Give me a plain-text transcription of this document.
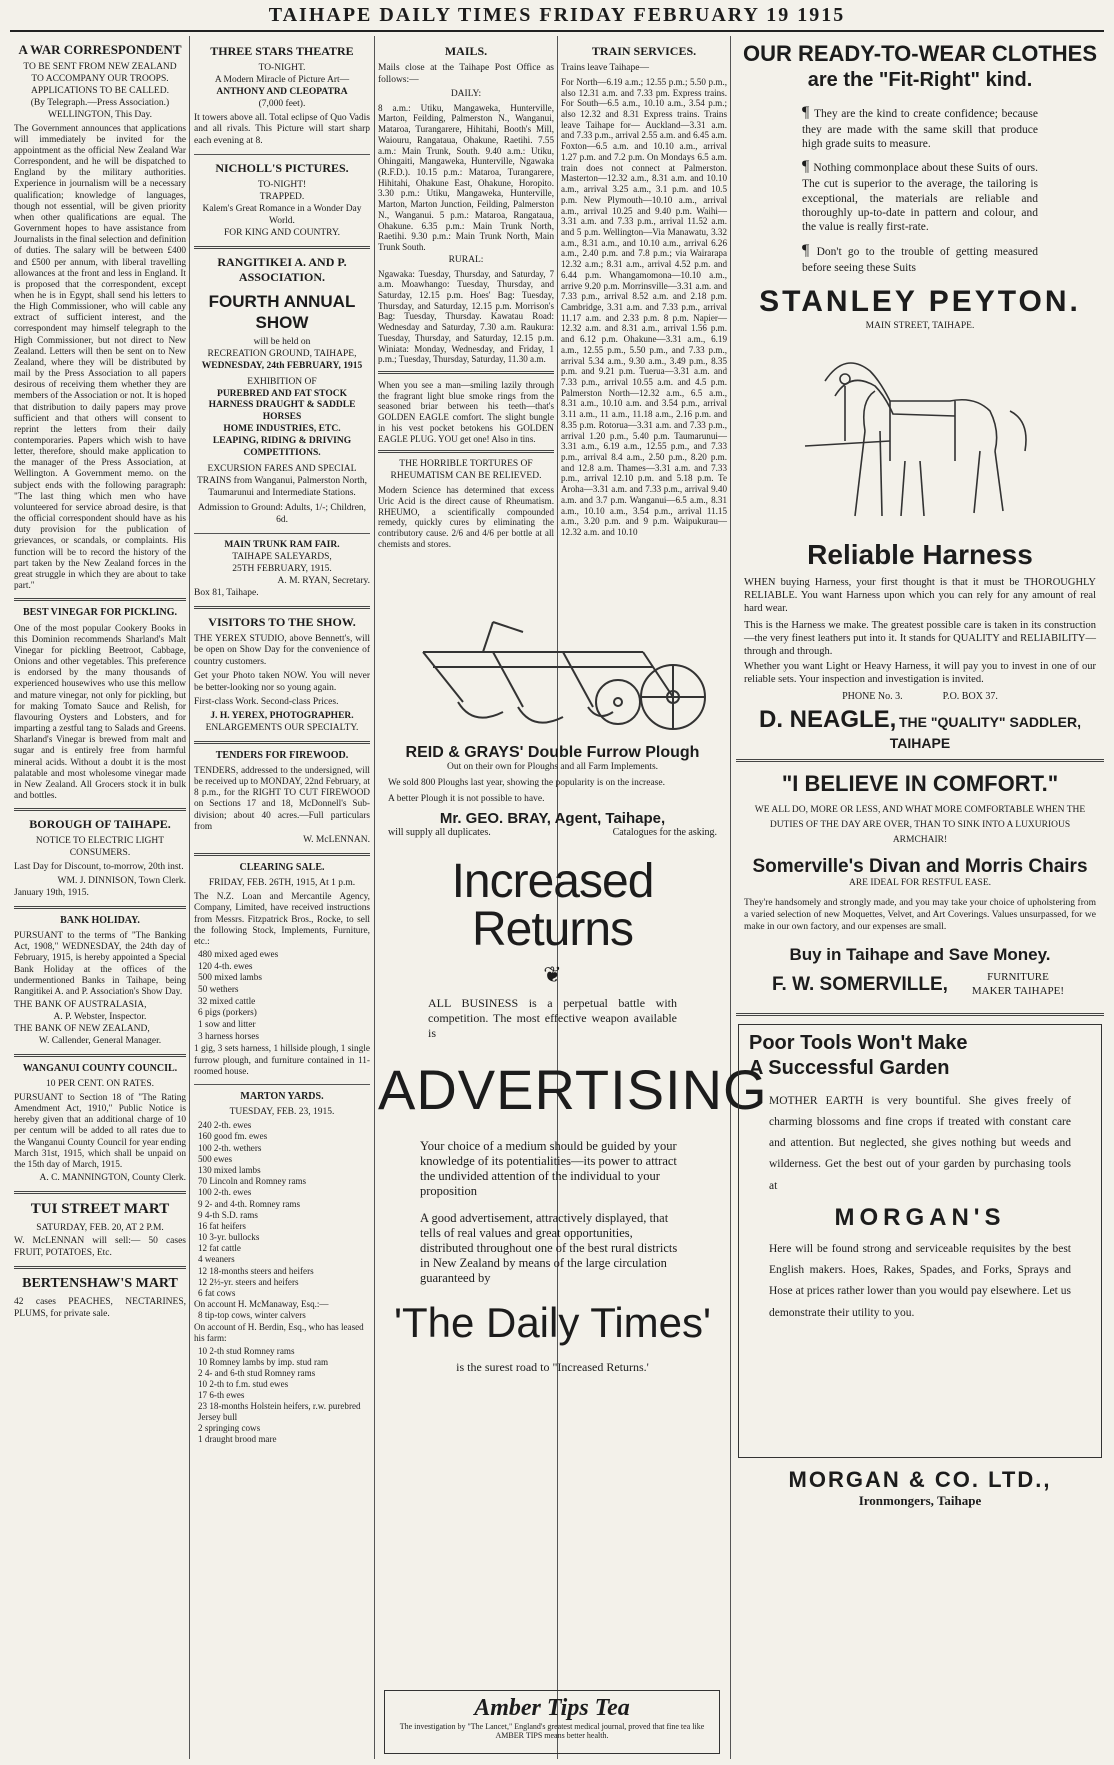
TAIHAPE DAILY TIMES FRIDAY FEBRUARY 19 1915
A WAR CORRESPONDENT
TO BE SENT FROM NEW ZEALAND
TO ACCOMPANY OUR TROOPS.
APPLICATIONS TO BE CALLED.
(By Telegraph.—Press Association.) WELLINGTON, This Day.

The Government announces that applications will immediately be invited for the appointment as the official New Zealand War Correspondent, and he will be dispatched to England by the military authorities. Experience in journalism will be a necessary qualification; knowledge of languages, though not essential, will be given priority when other qualifications are equal. The Government hopes to have assistance from Journalists in the final selection and definition of duties. The salary will be between £400 and £500 per annum, with liberal travelling allowances at the front and less in England. It is proposed that the correspondent, except when he is in Egypt, shall send his letters to the High Commissioner, who will cable any extract of sufficient interest, and the correspondent may himself telegraph to the High Commissioner, but not direct to New Zealand. Letters will then be sent on to New Zealand, where they will be distributed by mail by the Press Association to all papers desirous of receiving them whether they are members of the Association or not. It is hoped that distribution to daily papers may prove sufficient and that others will consent to reprint the letters from their daily contemporaries. Papers which wish to have letter, therefore, should make application to the manager of the Press Association, at Wellington. A Government memo. on the subject ends with the following paragraph: "The last thing which men who have volunteered for service abroad desire, is that the official correspondent should have as his duty provision for the publication of grievances, or scandals, or complaints. His function will be to record the history of the part taken by the New Zealand forces in the great struggle in which they are about to take part."

BEST VINEGAR FOR PICKLING.

One of the most popular Cookery Books in this Dominion recommends Sharland's Malt Vinegar for pickling Beetroot, Cabbage, Onions and other vegetables. This preference is endorsed by the many thousands of experienced housewives who use this mellow and mature vinegar, not only for pickling, but for making Tomato Sauce and Relish, for flavouring Oysters and Lobsters, and for imparting a zestful tang to Salads and Greens. Sharland's Vinegar is brewed from malt and sugar and is entirely free from harmful mineral acids. Without a doubt it is the most palatable and most wholesome vinegar made in New Zealand. All Grocers stock it in bulk and bottles.

BOROUGH OF TAIHAPE.
NOTICE TO ELECTRIC LIGHT CONSUMERS.

Last Day for Discount, to-morrow, 20th inst.

WM. J. DINNISON, Town Clerk.
January 19th, 1915.
BANK HOLIDAY.

PURSUANT to the terms of "The Banking Act, 1908," WEDNESDAY, the 24th day of February, 1915, is hereby appointed a Special Bank Holiday at the offices of the undermentioned Banks in Taihape, being Rangitikei A. and P. Association's Show Day.

THE BANK OF AUSTRALASIA,
A. P. Webster, Inspector.
THE BANK OF NEW ZEALAND,
W. Callender, General Manager.
WANGANUI COUNTY COUNCIL.
10 PER CENT. ON RATES.

PURSUANT to Section 18 of "The Rating Amendment Act, 1910," Public Notice is hereby given that an additional charge of 10 per centum will be added to all rates due to the Wanganui County Council for year ending March 31st, 1915, which shall be unpaid on the 15th day of March, 1915.

A. C. MANNINGTON, County Clerk.
TUI STREET MART
SATURDAY, FEB. 20, AT 2 P.M.

W. McLENNAN will sell:— 50 cases FRUIT, POTATOES, Etc.

BERTENSHAW'S MART

42 cases PEACHES, NECTARINES, PLUMS, for private sale.

THREE STARS THEATRE
TO-NIGHT.
A Modern Miracle of Picture Art—
ANTHONY AND CLEOPATRA
(7,000 feet).

It towers above all. Total eclipse of Quo Vadis and all rivals. This Picture will start sharp each evening at 8.

NICHOLL'S PICTURES.
TO-NIGHT!
TRAPPED.
Kalem's Great Romance in a Wonder Day World.
FOR KING AND COUNTRY.
RANGITIKEI A. AND P. ASSOCIATION.
FOURTH ANNUAL SHOW
will be held on
RECREATION GROUND, TAIHAPE,
WEDNESDAY, 24th FEBRUARY, 1915
EXHIBITION OF
PUREBRED AND FAT STOCK
HARNESS DRAUGHT & SADDLE HORSES
HOME INDUSTRIES, ETC.
LEAPING, RIDING & DRIVING COMPETITIONS.
EXCURSION FARES AND SPECIAL TRAINS from Wanganui, Palmerston North, Taumarunui and Intermediate Stations.
Admission to Ground: Adults, 1/-; Children, 6d.
MAIN TRUNK RAM FAIR.
TAIHAPE SALEYARDS,
25TH FEBRUARY, 1915.
A. M. RYAN, Secretary.
Box 81, Taihape.
VISITORS TO THE SHOW.

THE YEREX STUDIO, above Bennett's, will be open on Show Day for the convenience of country customers.

Get your Photo taken NOW. You will never be better-looking nor so young again.

First-class Work. Second-class Prices.

J. H. YEREX, PHOTOGRAPHER.
ENLARGEMENTS OUR SPECIALTY.
TENDERS FOR FIREWOOD.

TENDERS, addressed to the undersigned, will be received up to MONDAY, 22nd February, at 8 p.m., for the RIGHT TO CUT FIREWOOD on Sections 17 and 18, McDonnell's Sub-division; about 40 acres.—Full particulars from

W. McLENNAN.
CLEARING SALE.
FRIDAY, FEB. 26TH, 1915, At 1 p.m.

The N.Z. Loan and Mercantile Agency, Company, Limited, have received instructions from Messrs. Fitzpatrick Bros., Rocke, to sell the following Stock, Implements, Furniture, etc.:

480 mixed aged ewes
120 4-th. ewes
500 mixed lambs
50 wethers
32 mixed cattle
6 pigs (porkers)
1 sow and litter
3 harness horses

1 gig, 3 sets harness, 1 hillside plough, 1 single furrow plough, and furniture contained in 11-roomed house.

MARTON YARDS.
TUESDAY, FEB. 23, 1915.
240 2-th. ewes
160 good fm. ewes
100 2-th. wethers
500 ewes
130 mixed lambs
70 Lincoln and Romney rams
100 2-th. ewes
9 2- and 4-th. Romney rams
9 4-th S.D. rams
16 fat heifers
10 3-yr. bullocks
12 fat cattle
4 weaners
12 18-months steers and heifers
12 2½-yr. steers and heifers
6 fat cows
On account H. McManaway, Esq.:—
8 tip-top cows, winter calvers
On account of H. Berdin, Esq., who has leased his farm:
10 2-th stud Romney rams
10 Romney lambs by imp. stud ram
2 4- and 6-th stud Romney rams
10 2-th to f.m. stud ewes
17 6-th ewes
23 18-months Holstein heifers, r.w. purebred Jersey bull
2 springing cows
1 draught brood mare
MAILS.

Mails close at the Taihape Post Office as follows:—

DAILY:

8 a.m.: Utiku, Mangaweka, Hunterville, Marton, Feilding, Palmerston N., Wanganui, Mataroa, Turangarere, Hihitahi, Booth's Mill, Waiouru, Rangataua, Ohakune, Raetihi. 7.55 a.m.: Main Trunk, South. 9.40 a.m.: Utiku, Ohingaiti, Mangaweka, Hunterville, Ngawaka (R.F.D.). 10.15 p.m.: Mataroa, Turangarere, Hihitahi, Ohakune East, Ohakune, Horopito. 3.30 p.m.: Utiku, Mangaweka, Hunterville, Marton, Marton Junction, Feilding, Palmerston N., Wanganui. 5 p.m.: Mataroa, Rangataua, Ohakune. 6.35 p.m.: Main Trunk North, Raetihi. 9.30 p.m.: Main Trunk North, Main Trunk South.

RURAL:

Ngawaka: Tuesday, Thursday, and Saturday, 7 a.m. Moawhango: Tuesday, Thursday, and Saturday, 12.15 p.m. Hoes' Bag: Tuesday, Thursday, and Saturday, 12.15 p.m. Morrison's Bag: Tuesday, Thursday. Kawatau Road: Wednesday and Saturday, 7.30 a.m. Raukura: Tuesday, Thursday, and Saturday, 12.15 p.m. Winiata: Monday, Wednesday, and Friday, 1 p.m.; Tuesday, Thursday, Saturday, 11.30 a.m.

When you see a man—smiling lazily through the fragrant light blue smoke rings from the seasoned briar between his teeth—that's GOLDEN EAGLE comfort. The slight bungle in his vest pocket betokens his GOLDEN EAGLE PLUG. YOU get one! Also in tins.

THE HORRIBLE TORTURES OF RHEUMATISM CAN BE RELIEVED.

Modern Science has determined that excess Uric Acid is the direct cause of Rheumatism. RHEUMO, a scientifically compounded remedy, quickly cures by eliminating the contributory cause. 2/6 and 4/6 per bottle at all chemists and stores.

TRAIN SERVICES.
Trains leave Taihape—

For North—6.19 a.m.; 12.55 p.m.; 5.50 p.m., also 12.31 a.m. and 7.33 pm. Express trains. For South—6.5 a.m., 10.10 a.m., 3.54 p.m.; also 12.32 and 8.31 Express trains. Trains leave Taihape for— Auckland—3.31 a.m. and 7.33 p.m., arrival 2.55 a.m. and 6.45 a.m. Foxton—6.5 a.m. and 10.10 a.m., arrival 1.27 p.m. and 7.2 p.m. On Mondays 6.5 a.m. train does not connect at Palmerston. Masterton—12.32 a.m., 8.31 a.m. and 10.10 a.m., arrival 3.25 a.m., 3.1 p.m. and 10.5 p.m. New Plymouth—10.10 a.m., arrival a.m., arrival 10.25 and 9.40 p.m. Waihi—3.31 a.m. and 7.33 p.m., arrival 11.52 a.m. and 5 p.m. Wellington—Via Manawatu, 3.32 a.m., 8.31 a.m., and 10.10 a.m., arrival 6.26 a.m., 2.40 p.m. and 7.8 p.m.; via Wairarapa 12.32 a.m.; 8.31 a.m., arrival 4.52 p.m. and 6.44 p.m. Whangamomona—10.10 a.m., arrive 9.20 p.m. Morrinsville—3.31 a.m. and 7.33 p.m., arrival 8.52 a.m. and 2.18 p.m. Cambridge, 3.31 a.m. and 7.33 p.m., arrival 11.17 a.m. and 2.33 p.m. 8 p.m. Napier—12.32 a.m. and 8.31 a.m., arrival 1.56 p.m. and 6.12 p.m. Ohakune—3.31 a.m., 6.19 a.m., 12.55 p.m., 5.50 p.m., and 7.33 p.m., arrival 5.34 a.m., 9.30 a.m., 3.49 p.m., 8.35 p.m. and 9.21 p.m. Tuerua—3.31 a.m. and 7.33 p.m., arrival 10.55 a.m. and 4.5 p.m. Palmerston North—12.32 a.m., 6.5 a.m., 8.31 a.m., 10.10 a.m. and 3.54 p.m., arrival 3.11 a.m., 11 a.m., 11.18 a.m., 2.16 p.m. and 8.35 p.m. Rotorua—3.31 a.m. and 7.33 p.m., arrival 1.20 p.m., 5.40 p.m. Taumarunui—3.31 a.m., 6.19 a.m., 12.55 p.m., and 7.33 p.m., arrival 8.4 a.m., 2.50 p.m., 8.20 p.m. and 12.8 a.m. Thames—3.31 a.m. and 7.33 p.m., arrival 12.10 p.m. and 5.18 p.m. Te Aroha—3.31 a.m. and 7.33 p.m., arrival 9.40 a.m. and 3.7 p.m. Wanganui—6.5 a.m., 8.31 a.m., 10.10 a.m., 3.54 p.m., arrival 11.15 a.m., 3.20 p.m. and 9 p.m. Waipukurau—12.32 a.m. and 10.10

REID & GRAYS' Double Furrow Plough
Out on their own for Ploughs and all Farm Implements.
We sold 800 Ploughs last year, showing the popularity is on the increase.
A better Plough it is not possible to have.
Mr. GEO. BRAY, Agent, Taihape,
will supply all duplicates.	Catalogues for the asking.
Increased Returns
❦
ALL BUSINESS is a perpetual battle with competition. The most effective weapon available is
ADVERTISING
Your choice of a medium should be guided by your knowledge of its potentialities—its power to attract the undivided attention of the individual to your proposition
A good advertisement, attractively displayed, that tells of real values and great opportunities, distributed throughout one of the best rural districts in New Zealand by means of the large circulation guaranteed by
'The Daily Times'
is the surest road to "Increased Returns.'
Amber Tips Tea
The investigation by "The Lancet," England's greatest medical journal, proved that fine tea like AMBER TIPS means better health.
OUR READY-TO-WEAR CLOTHES
are the "Fit-Right" kind.

¶ They are the kind to create confidence; because they are made with the same skill that produce high grade suits to measure.

¶ Nothing commonplace about these Suits of ours. The cut is superior to the average, the tailoring is exceptional, the materials are reliable and thoroughly up-to-date in pattern and colour, and the value is really first-rate.

¶ Don't go to the trouble of getting measured before seeing these Suits

STANLEY PEYTON.
MAIN STREET, TAIHAPE.
Reliable Harness
WHEN buying Harness, your first thought is that it must be THOROUGHLY RELIABLE. You want Harness upon which you can rely for any amount of real hard wear.
This is the Harness we make. The greatest possible care is taken in its construction—the very finest leathers put into it. It stands for QUALITY and RELIABILITY—through and through.
Whether you want Light or Heavy Harness, it will pay you to invest in one of our reliable sets. Your inspection and investigation is invited.
PHONE No. 3.	P.O. BOX 37.
D. NEAGLE, THE "QUALITY" SADDLER, TAIHAPE
"I BELIEVE IN COMFORT."
WE ALL DO, MORE OR LESS, AND WHAT MORE COMFORTABLE WHEN THE DUTIES OF THE DAY ARE OVER, THAN TO SINK INTO A LUXURIOUS ARMCHAIR!
Somerville's Divan and Morris Chairs
ARE IDEAL FOR RESTFUL EASE.
They're handsomely and strongly made, and you may take your choice of upholstering from a varied selection of new Moquettes, Velvet, and Art Coverings. Values unsurpassed, for we make in our own factory, and our expenses are small.
Buy in Taihape and Save Money.
F. W. SOMERVILLE,	FURNITURE MAKER TAIHAPE!
Poor Tools Won't Make
A Successful Garden
MOTHER EARTH is very bountiful. She gives freely of charming blossoms and fine crops if treated with constant care and attention. But neglected, she gives nothing but weeds and wilderness. Get the best out of your garden by purchasing tools at
MORGAN'S
Here will be found strong and serviceable requisites by the best English makers. Hoes, Rakes, Spades, and Forks, Sprays and Hose at prices rather lower than you would pay elsewhere. Let us demonstrate their utility to you.
MORGAN & CO. LTD.,
Ironmongers, Taihape
